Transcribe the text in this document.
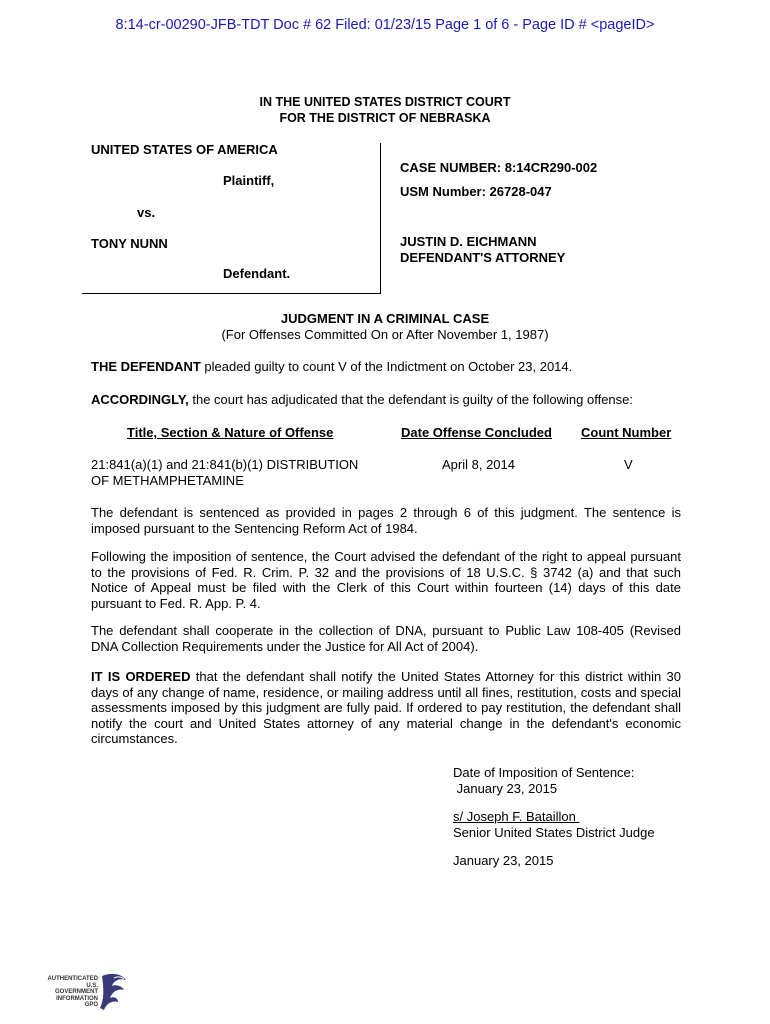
8:14-cr-00290-JFB-TDT Doc # 62 Filed: 01/23/15 Page 1 of 6 - Page ID # <pageID>
IN THE UNITED STATES DISTRICT COURT
FOR THE DISTRICT OF NEBRASKA
UNITED STATES OF AMERICA
Plaintiff,
vs.
TONY NUNN
Defendant.
CASE NUMBER: 8:14CR290-002
USM Number: 26728-047
JUSTIN D. EICHMANN
DEFENDANT'S ATTORNEY
JUDGMENT IN A CRIMINAL CASE
(For Offenses Committed On or After November 1, 1987)
THE DEFENDANT pleaded guilty to count V of the Indictment on October 23, 2014.
ACCORDINGLY, the court has adjudicated that the defendant is guilty of the following offense:
Title, Section & Nature of Offense	Date Offense Concluded Count Number
21:841(a)(1) and 21:841(b)(1) DISTRIBUTION
OF METHAMPHETAMINE
April 8, 2014	V
The defendant is sentenced as provided in pages 2 through 6 of this judgment. The sentence is imposed pursuant to the Sentencing Reform Act of 1984.
Following the imposition of sentence, the Court advised the defendant of the right to appeal pursuant to the provisions of Fed. R. Crim. P. 32 and the provisions of 18 U.S.C. § 3742 (a) and that such Notice of Appeal must be filed with the Clerk of this Court within fourteen (14) days of this date pursuant to Fed. R. App. P. 4.
The defendant shall cooperate in the collection of DNA, pursuant to Public Law 108-405 (Revised DNA Collection Requirements under the Justice for All Act of 2004).
IT IS ORDERED that the defendant shall notify the United States Attorney for this district within 30 days of any change of name, residence, or mailing address until all fines, restitution, costs and special assessments imposed by this judgment are fully paid. If ordered to pay restitution, the defendant shall notify the court and United States attorney of any material change in the defendant's economic circumstances.
Date of Imposition of Sentence:
January 23, 2015
s/ Joseph F. Bataillon
Senior United States District Judge
January 23, 2015
AUTHENTICATED U.S. GOVERNMENT INFORMATION GPO
